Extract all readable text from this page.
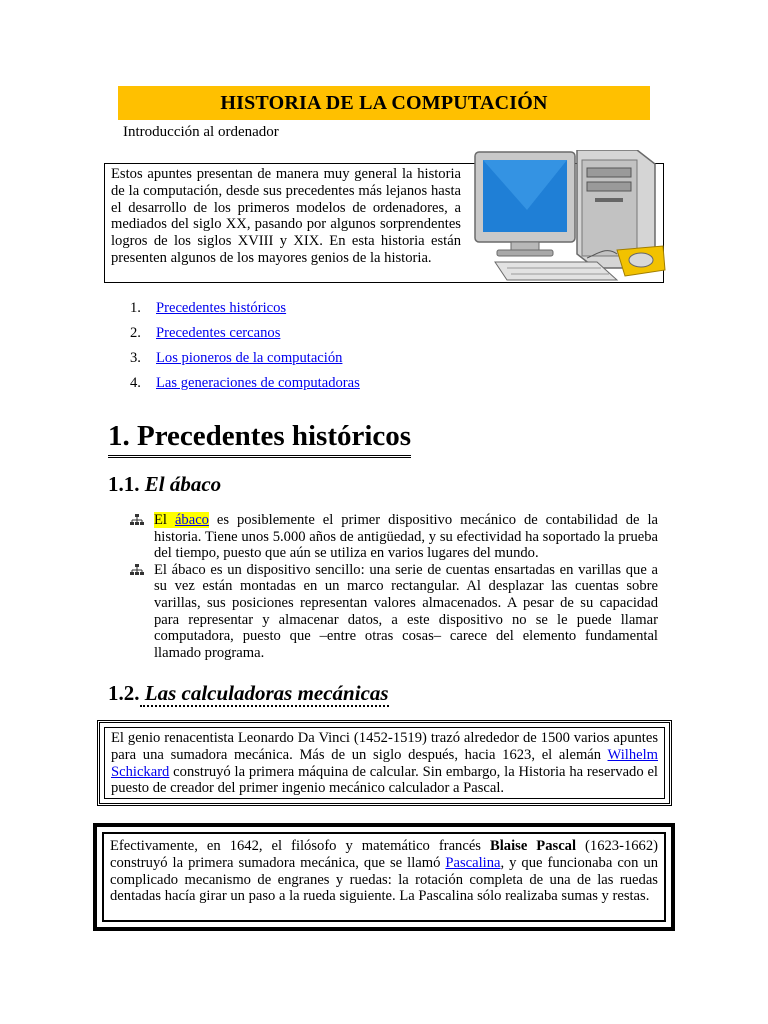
HISTORIA DE LA COMPUTACIÓN
Introducción al ordenador
Estos apuntes presentan de manera muy general la historia de la computación, desde sus precedentes más lejanos hasta el desarrollo de los primeros modelos de ordenadores, a mediados del siglo XX, pasando por algunos sorprendentes logros de los siglos XVIII y XIX. En esta historia están presenten algunos de los mayores genios de la historia.
1.	Precedentes históricos
2.	Precedentes cercanos
3.	Los pioneros de la computación
4.	Las generaciones de computadoras
1. Precedentes históricos
1.1. El ábaco
El ábaco es posiblemente el primer dispositivo mecánico de contabilidad de la historia. Tiene unos 5.000 años de antigüedad, y su efectividad ha soportado la prueba del tiempo, puesto que aún se utiliza en varios lugares del mundo.
El ábaco es un dispositivo sencillo: una serie de cuentas ensartadas en varillas que a su vez están montadas en un marco rectangular. Al desplazar las cuentas sobre varillas, sus posiciones representan valores almacenados. A pesar de su capacidad para representar y almacenar datos, a este dispositivo no se le puede llamar computadora, puesto que –entre otras cosas– carece del elemento fundamental llamado programa.
1.2. Las calculadoras mecánicas
El genio renacentista Leonardo Da Vinci (1452-1519) trazó alrededor de 1500 varios apuntes para una sumadora mecánica. Más de un siglo después, hacia 1623, el alemán Wilhelm Schickard construyó la primera máquina de calcular. Sin embargo, la Historia ha reservado el puesto de creador del primer ingenio mecánico calculador a Pascal.
Efectivamente, en 1642, el filósofo y matemático francés Blaise Pascal (1623-1662) construyó la primera sumadora mecánica, que se llamó Pascalina, y que funcionaba con un complicado mecanismo de engranes y ruedas: la rotación completa de una de las ruedas dentadas hacía girar un paso a la rueda siguiente. La Pascalina sólo realizaba sumas y restas.
